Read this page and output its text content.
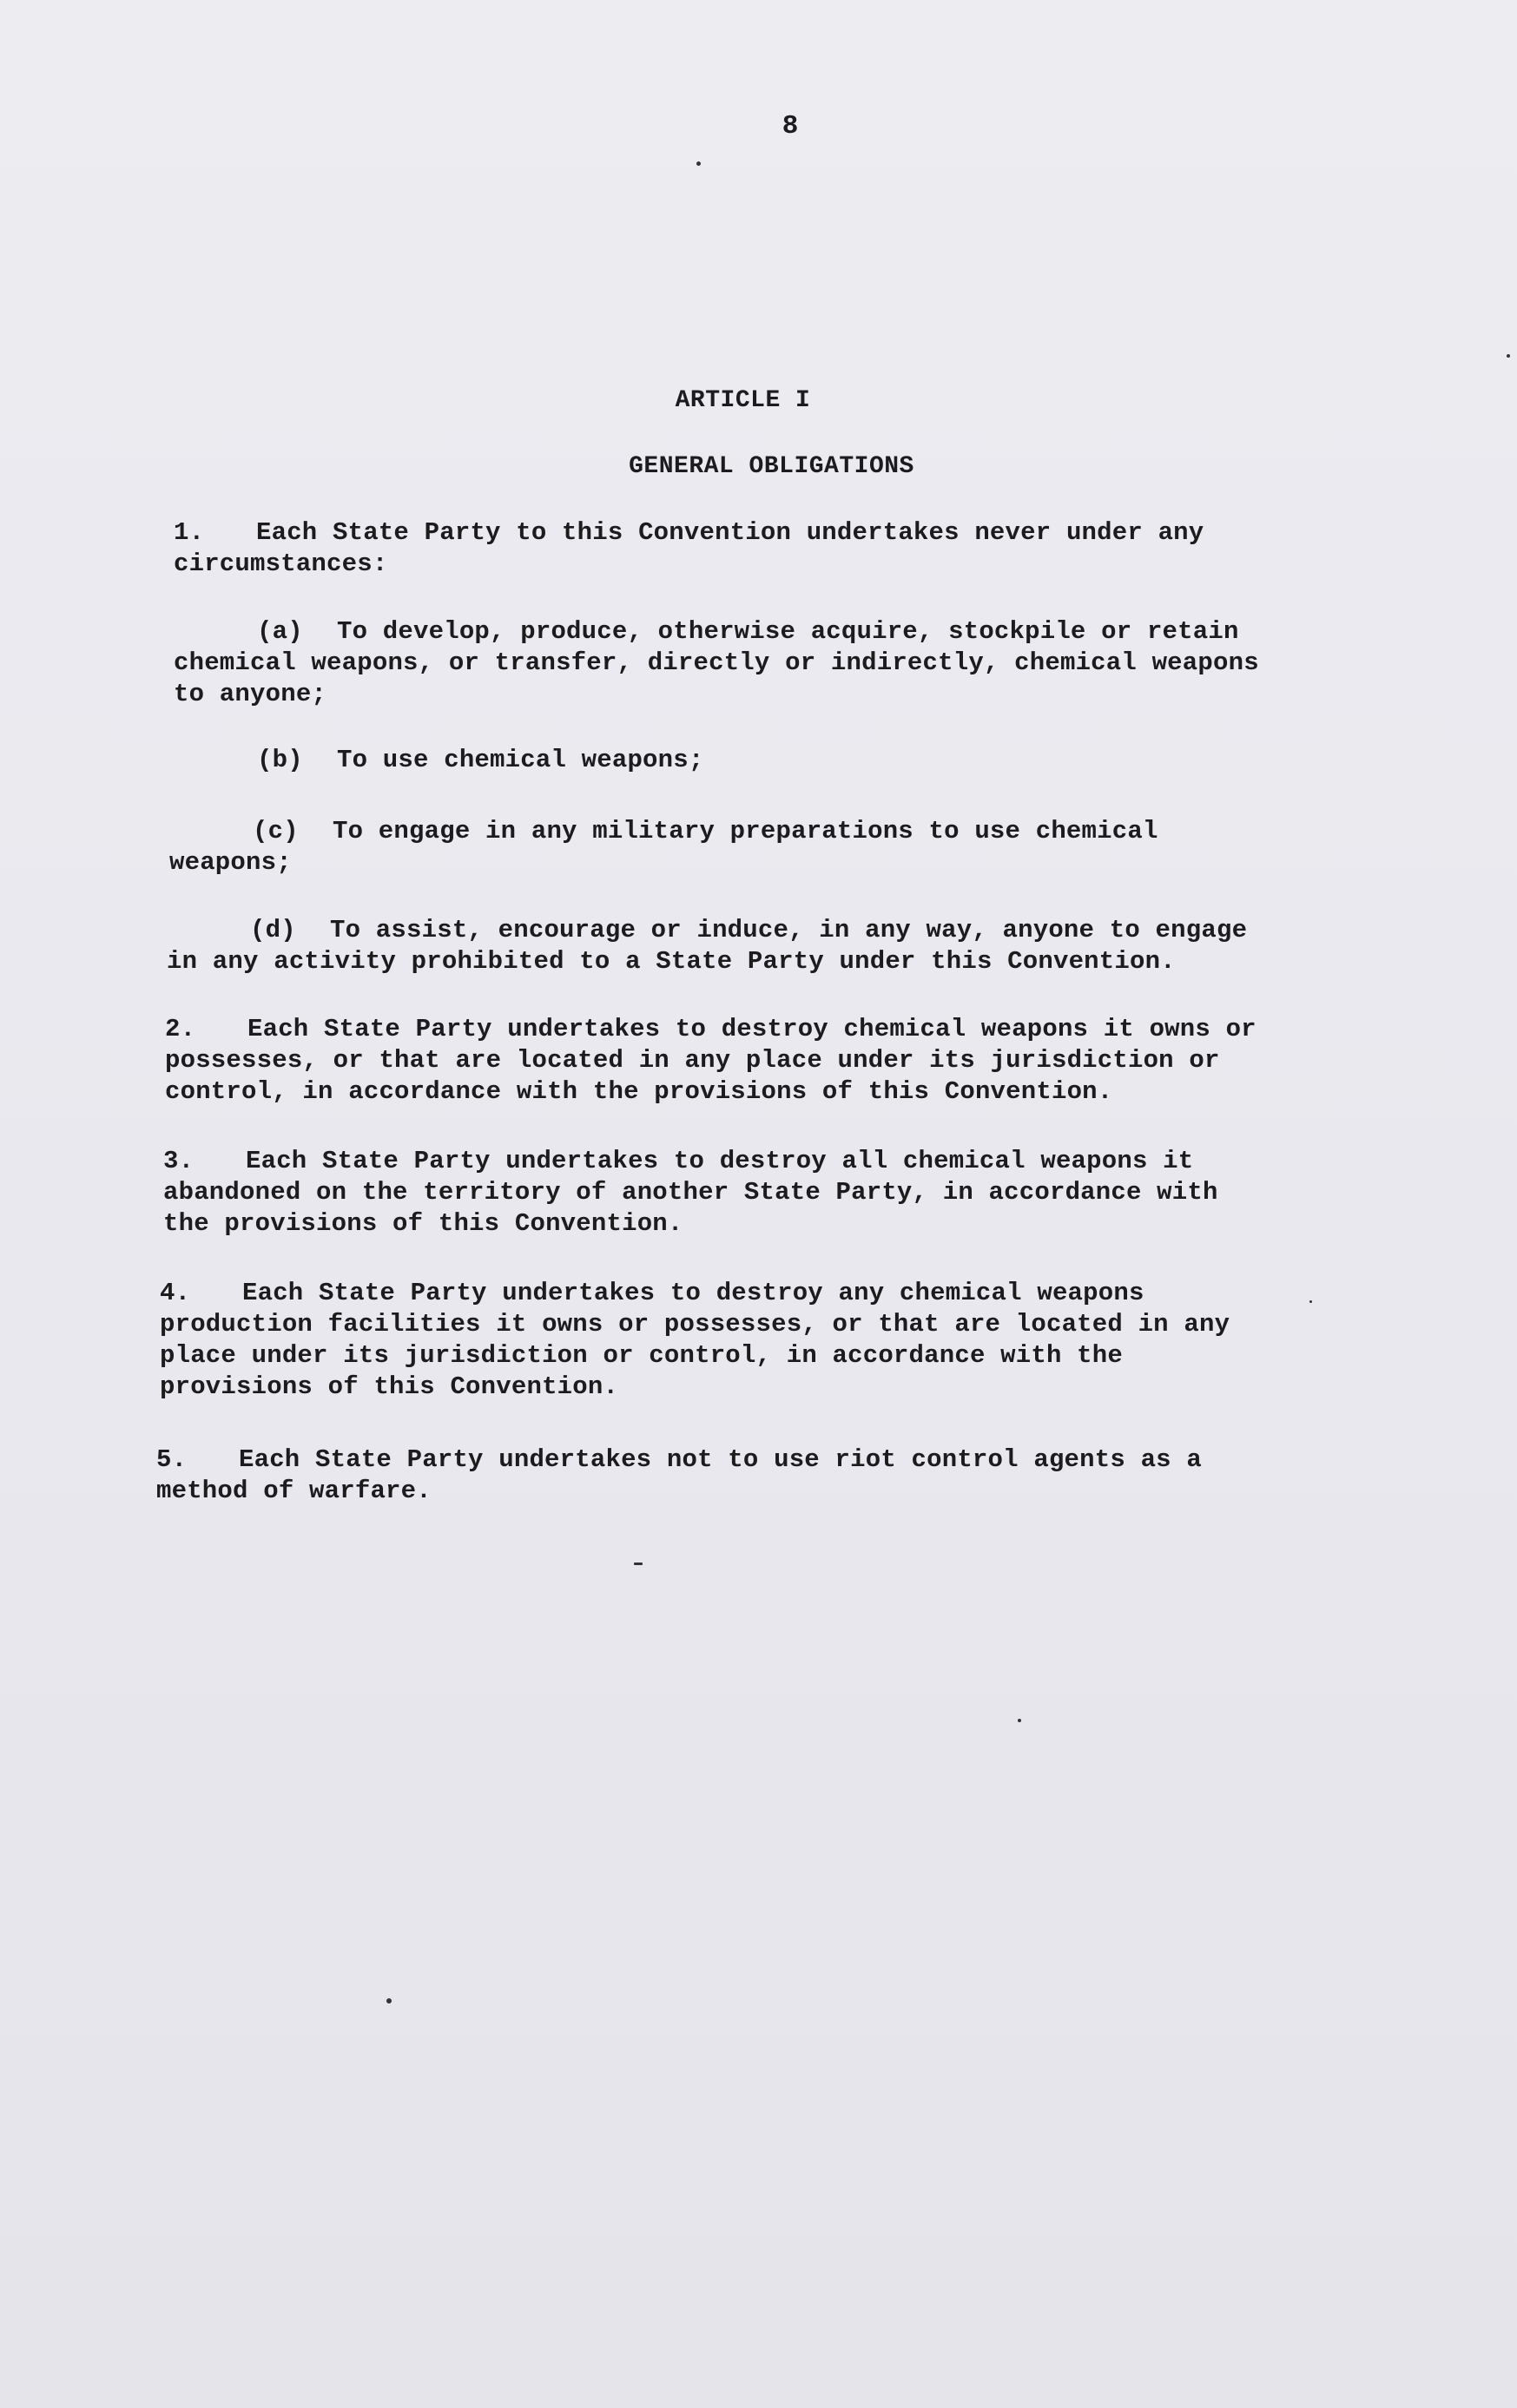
8
ARTICLE I
GENERAL OBLIGATIONS
1. Each State Party to this Convention undertakes never under any
circumstances:
(a) To develop, produce, otherwise acquire, stockpile or retain
chemical weapons, or transfer, directly or indirectly, chemical weapons
to anyone;
(b) To use chemical weapons;
(c) To engage in any military preparations to use chemical
weapons;
(d) To assist, encourage or induce, in any way, anyone to engage
in any activity prohibited to a State Party under this Convention.
2. Each State Party undertakes to destroy chemical weapons it owns or
possesses, or that are located in any place under its jurisdiction or
control, in accordance with the provisions of this Convention.
3. Each State Party undertakes to destroy all chemical weapons it
abandoned on the territory of another State Party, in accordance with
the provisions of this Convention.
4. Each State Party undertakes to destroy any chemical weapons
production facilities it owns or possesses, or that are located in any
place under its jurisdiction or control, in accordance with the
provisions of this Convention.
5. Each State Party undertakes not to use riot control agents as a
method of warfare.
